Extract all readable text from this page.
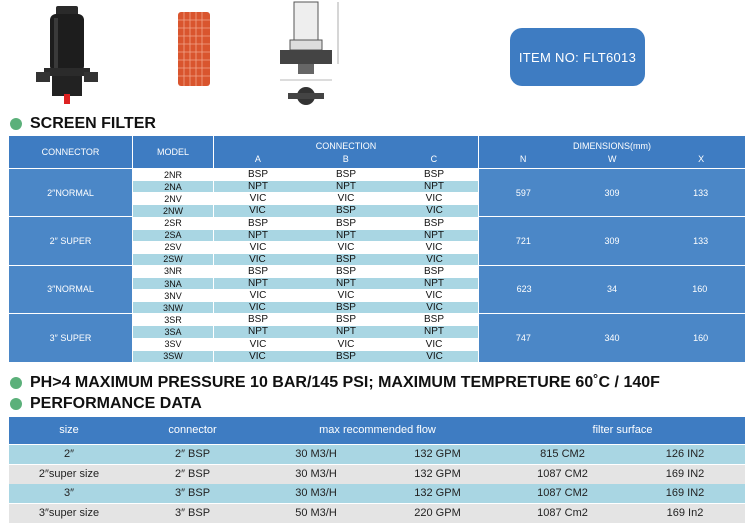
ITEM NO: FLT6013
SCREEN FILTER
CONNECTOR	MODEL
CONNECTION
A	B	C
DIMENSIONS(mm)
N	W	X
2″NORMAL	597	309	133
2NR	BSP	BSP	BSP
2NA	NPT	NPT	NPT
2NV	VIC	VIC	VIC
2NW	VIC	BSP	VIC
2″ SUPER	721	309	133
2SR	BSP	BSP	BSP
2SA	NPT	NPT	NPT
2SV	VIC	VIC	VIC
2SW	VIC	BSP	VIC
3″NORMAL	623	34	160
3NR	BSP	BSP	BSP
3NA	NPT	NPT	NPT
3NV	VIC	VIC	VIC
3NW	VIC	BSP	VIC
3″ SUPER	747	340	160
3SR	BSP	BSP	BSP
3SA	NPT	NPT	NPT
3SV	VIC	VIC	VIC
3SW	VIC	BSP	VIC
PH>4 MAXIMUM PRESSURE 10 BAR/145 PSI; MAXIMUM TEMPRETURE 60˚C / 140F
PERFORMANCE DATA
size	connector	max recommended flow	filter surface
2″	2″ BSP	30 M3/H	132 GPM	815 CM2	126 IN2
2″super size	2″ BSP	30 M3/H	132 GPM	1087 CM2	169 IN2
3″	3″ BSP	30 M3/H	132 GPM	1087 CM2	169 IN2
3″super size	3″ BSP	50 M3/H	220 GPM	1087 Cm2	169 In2
